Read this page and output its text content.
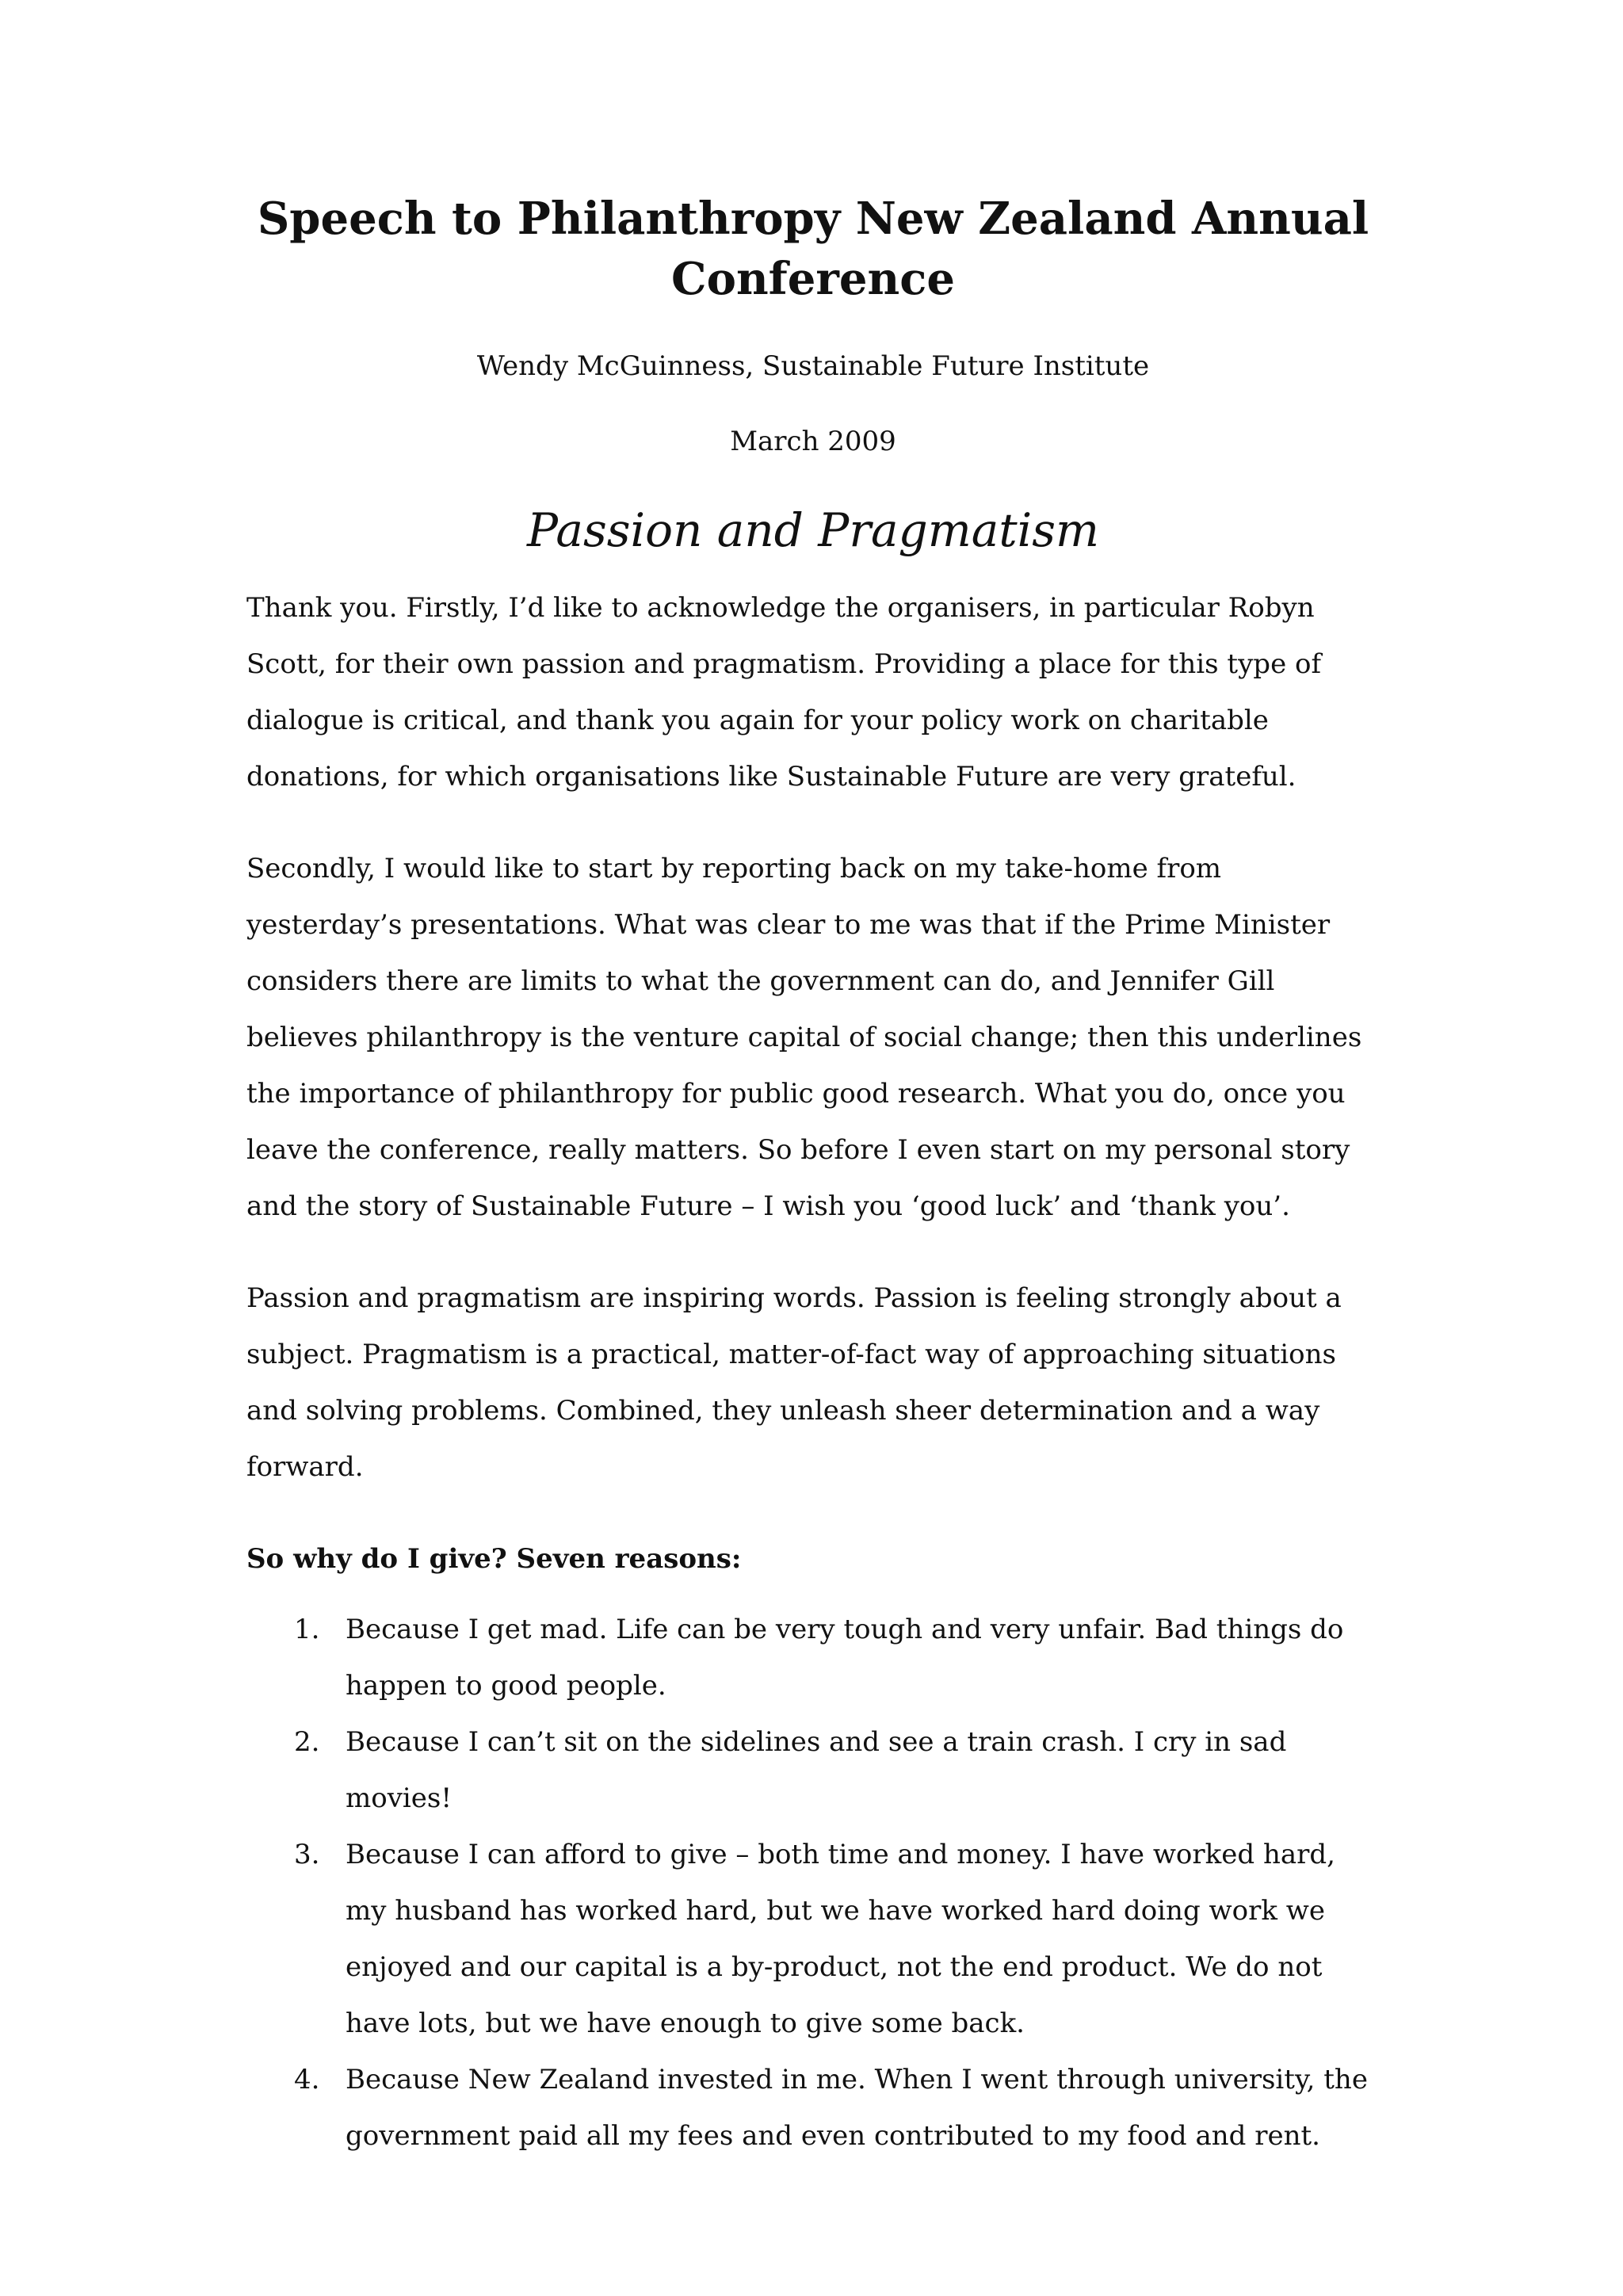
Speech to Philanthropy New Zealand Annual
Conference

Wendy McGuinness, Sustainable Future Institute

March 2009

Passion and Pragmatism

Thank you. Firstly, I’d like to acknowledge the organisers, in particular Robyn Scott, for their own passion and pragmatism. Providing a place for this type of dialogue is critical, and thank you again for your policy work on charitable donations, for which organisations like Sustainable Future are very grateful.

Secondly, I would like to start by reporting back on my take-home from yesterday’s presentations. What was clear to me was that if the Prime Minister considers there are limits to what the government can do, and Jennifer Gill believes philanthropy is the venture capital of social change; then this underlines the importance of philanthropy for public good research. What you do, once you leave the conference, really matters. So before I even start on my personal story and the story of Sustainable Future – I wish you ‘good luck’ and ‘thank you’.

Passion and pragmatism are inspiring words. Passion is feeling strongly about a subject. Pragmatism is a practical, matter-of-fact way of approaching situations and solving problems. Combined, they unleash sheer determination and a way forward.

So why do I give? Seven reasons:

1. Because I get mad. Life can be very tough and very unfair. Bad things do happen to good people.
2. Because I can’t sit on the sidelines and see a train crash. I cry in sad movies!
3. Because I can afford to give – both time and money. I have worked hard, my husband has worked hard, but we have worked hard doing work we enjoyed and our capital is a by-product, not the end product. We do not have lots, but we have enough to give some back.
4. Because New Zealand invested in me. When I went through university, the government paid all my fees and even contributed to my food and rent.
